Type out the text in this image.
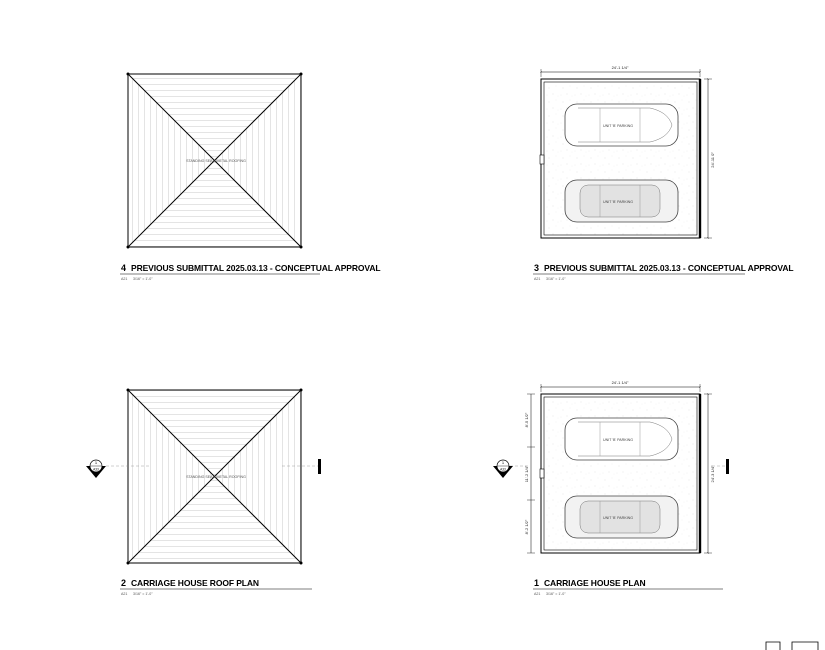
STANDING SEAM METAL ROOFING
4 PREVIOUS SUBMITTAL 2025.03.13 - CONCEPTUAL APPROVAL
A21 3/16" = 1'-0"
UNIT 'B' PARKING
UNIT 'B' PARKING
24'-1 1/4"
24'-11 0"
3 PREVIOUS SUBMITTAL 2025.03.13 - CONCEPTUAL APPROVAL
A21 3/16" = 1'-0"
STANDING SEAM METAL ROOFING
1
A33
2 CARRIAGE HOUSE ROOF PLAN
A21 3/16" = 1'-0"
UNIT 'B' PARKING
UNIT 'B' PARKING
24'-1 1/4"
24'-3 1/4"
8'-5 1/2"
11'-2 1/4"
8'-2 1/2"
1
A33
1 CARRIAGE HOUSE PLAN
A21 3/16" = 1'-0"
